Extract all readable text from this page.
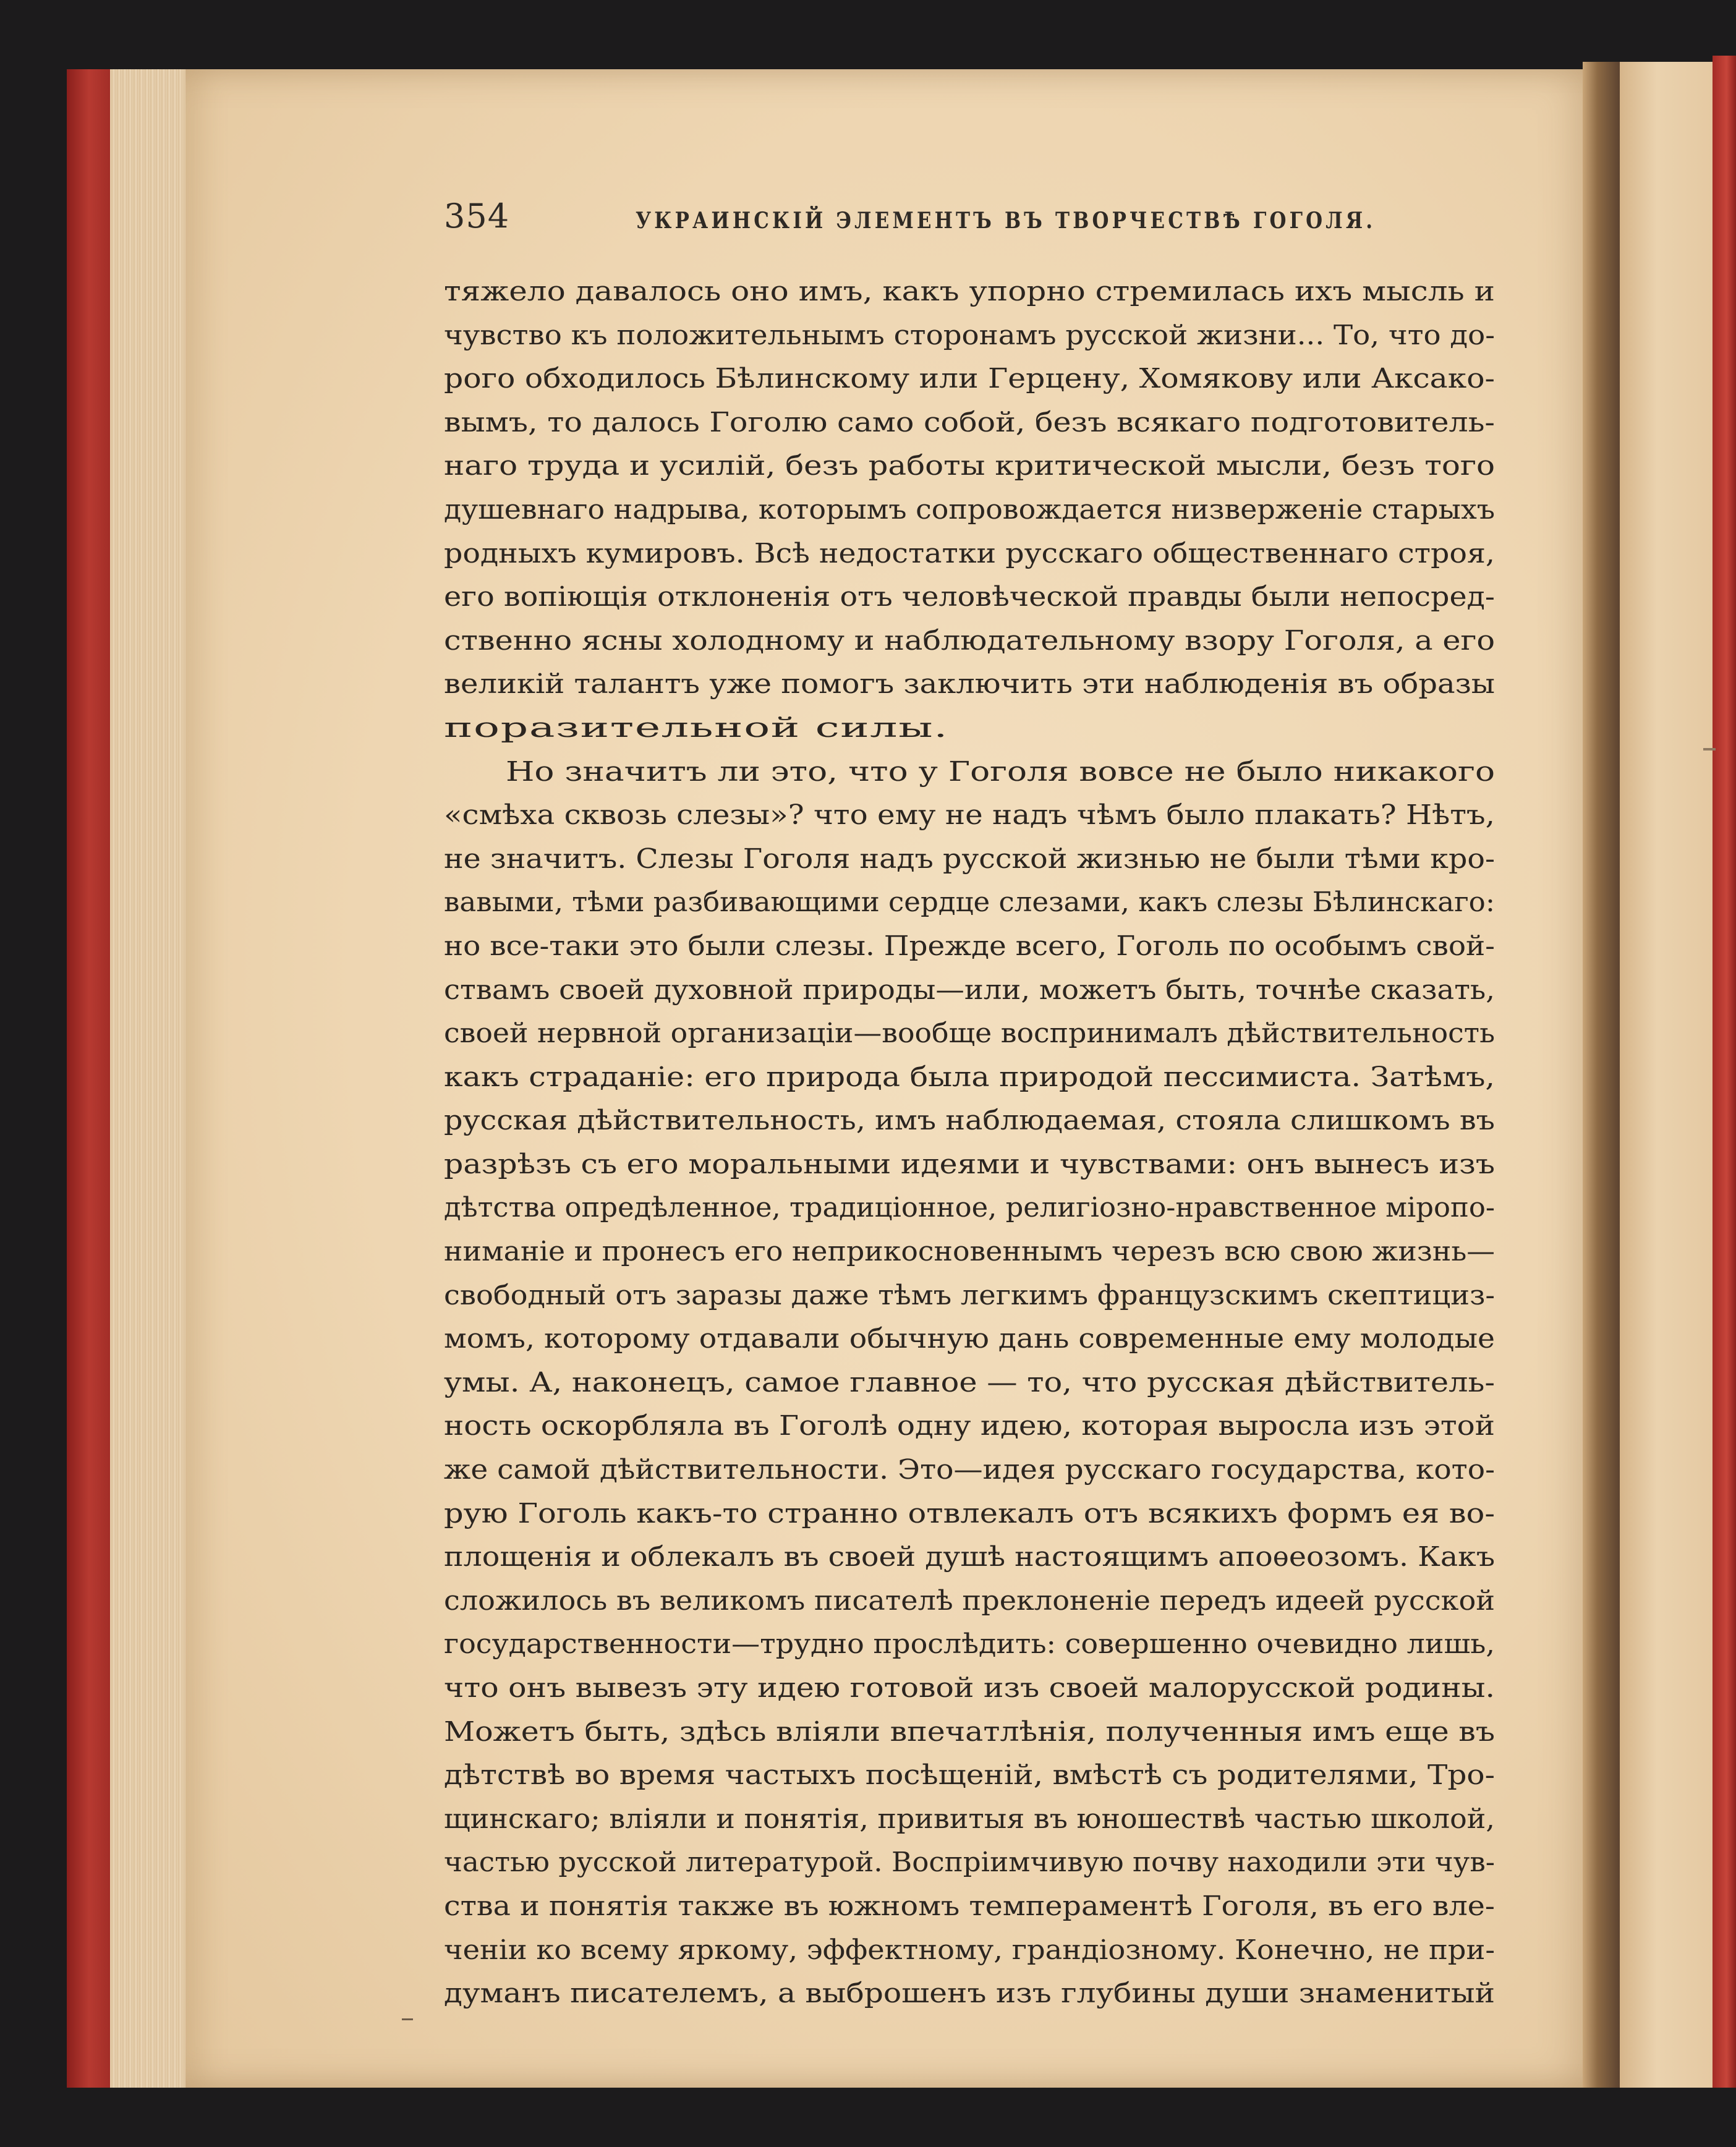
354	УКРАИНСКІЙ ЭЛЕМЕНТЪ ВЪ ТВОРЧЕСТВѢ ГОГОЛЯ.
тяжело давалось оно имъ, какъ упорно стремилась ихъ мысль и
чувство къ положительнымъ сторонамъ русской жизни... То, что до-
рого обходилось Бѣлинскому или Герцену, Хомякову или Аксако-
вымъ, то далось Гоголю само собой, безъ всякаго подготовитель-
наго труда и усилій, безъ работы критической мысли, безъ того
душевнаго надрыва, которымъ сопровождается низверженіе старыхъ
родныхъ кумировъ. Всѣ недостатки русскаго общественнаго строя,
его вопіющія отклоненія отъ человѣческой правды были непосред-
ственно ясны холодному и наблюдательному взору Гоголя, а его
великій талантъ уже помогъ заключить эти наблюденія въ образы
поразительной силы.
Но значитъ ли это, что у Гоголя вовсе не было никакого
«смѣха сквозь слезы»? что ему не надъ чѣмъ было плакать? Нѣтъ,
не значитъ. Слезы Гоголя надъ русской жизнью не были тѣми кро-
вавыми, тѣми разбивающими сердце слезами, какъ слезы Бѣлинскаго:
но все-таки это были слезы. Прежде всего, Гоголь по особымъ свой-
ствамъ своей духовной природы—или, можетъ быть, точнѣе сказать,
своей нервной организаціи—вообще воспринималъ дѣйствительность
какъ страданіе: его природа была природой пессимиста. Затѣмъ,
русская дѣйствительность, имъ наблюдаемая, стояла слишкомъ въ
разрѣзъ съ его моральными идеями и чувствами: онъ вынесъ изъ
дѣтства опредѣленное, традиціонное, религіозно-нравственное міропо-
ниманіе и пронесъ его неприкосновеннымъ черезъ всю свою жизнь—
свободный отъ заразы даже тѣмъ легкимъ французскимъ скептициз-
момъ, которому отдавали обычную дань современные ему молодые
умы. А, наконецъ, самое главное — то, что русская дѣйствитель-
ность оскорбляла въ Гоголѣ одну идею, которая выросла изъ этой
же самой дѣйствительности. Это—идея русскаго государства, кото-
рую Гоголь какъ-то странно отвлекалъ отъ всякихъ формъ ея во-
площенія и облекалъ въ своей душѣ настоящимъ апоѳеозомъ. Какъ
сложилось въ великомъ писателѣ преклоненіе передъ идеей русской
государственности—трудно прослѣдить: совершенно очевидно лишь,
что онъ вывезъ эту идею готовой изъ своей малорусской родины.
Можетъ быть, здѣсь вліяли впечатлѣнія, полученныя имъ еще въ
дѣтствѣ во время частыхъ посѣщеній, вмѣстѣ съ родителями, Тро-
щинскаго; вліяли и понятія, привитыя въ юношествѣ частью школой,
частью русской литературой. Воспріимчивую почву находили эти чув-
ства и понятія также въ южномъ темпераментѣ Гоголя, въ его вле-
ченіи ко всему яркому, эффектному, грандіозному. Конечно, не при-
думанъ писателемъ, а выброшенъ изъ глубины души знаменитый
